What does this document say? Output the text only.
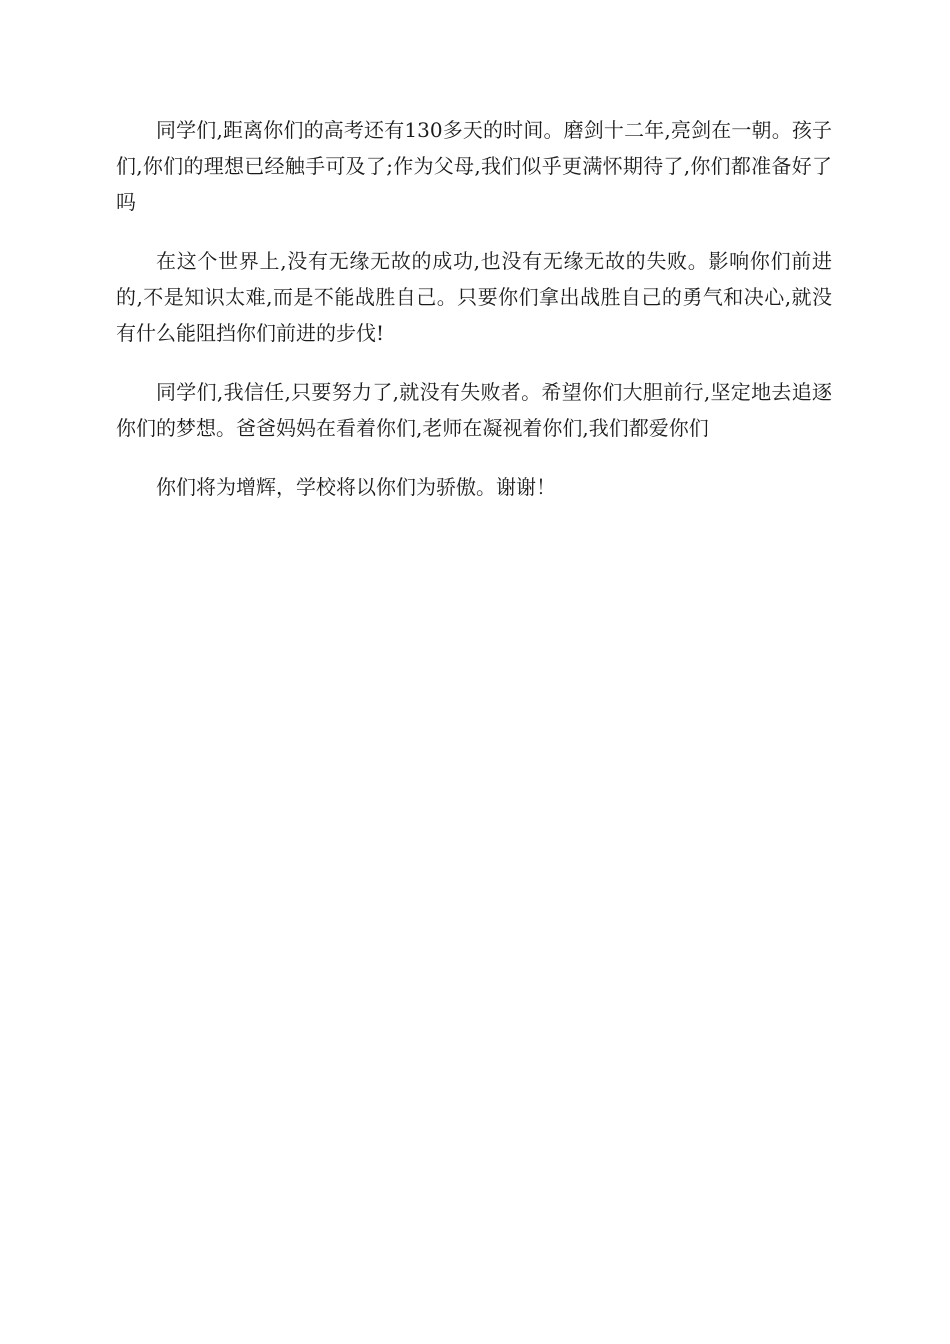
同学们,距离你们的高考还有130多天的时间。磨剑十二年,亮剑在一朝。孩子们,你们的理想已经触手可及了;作为父母,我们似乎更满怀期待了,你们都准备好了吗

在这个世界上,没有无缘无故的成功,也没有无缘无故的失败。影响你们前进的,不是知识太难,而是不能战胜自己。只要你们拿出战胜自己的勇气和决心,就没有什么能阻挡你们前进的步伐!

同学们,我信任,只要努力了,就没有失败者。希望你们大胆前行,坚定地去追逐你们的梦想。爸爸妈妈在看着你们,老师在凝视着你们,我们都爱你们

你们将为增辉，学校将以你们为骄傲。谢谢！
